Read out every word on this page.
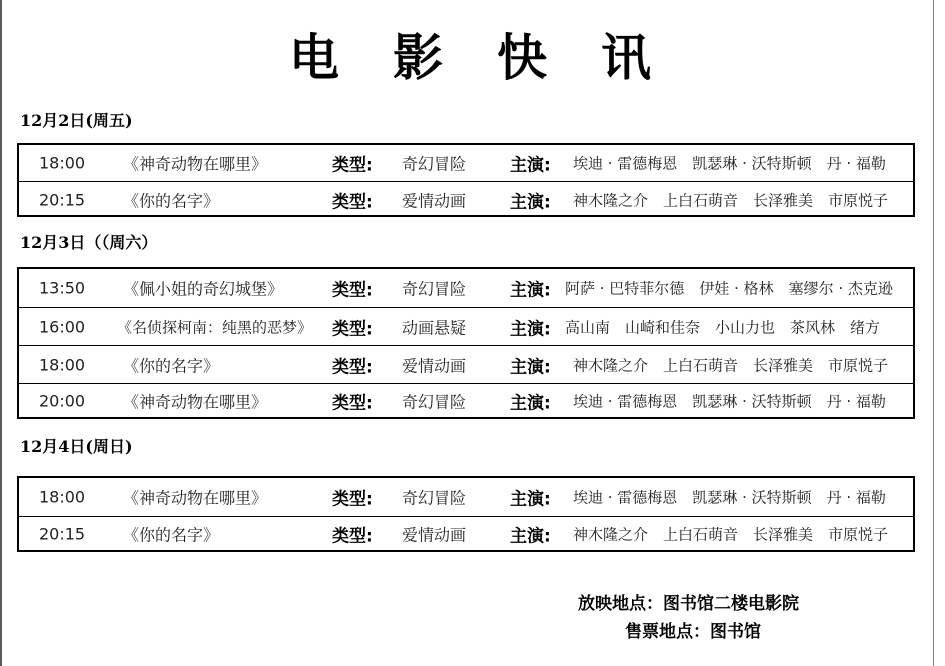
电 影 快 讯
12月2日(周五)
18:00 《神奇动物在哪里》	类型: 奇幻冒险	主演: 埃迪 · 雷德梅恩　凯瑟琳 · 沃特斯顿　丹 · 福勒
20:15 《你的名字》	类型: 爱情动画	主演: 神木隆之介　上白石萌音　长泽雅美　市原悦子
12月3日（（周六）
13:50 《佩小姐的奇幻城堡》	类型: 奇幻冒险	主演: 阿萨 · 巴特菲尔德　伊娃 · 格林　塞缪尔 · 杰克逊
16:00 《名侦探柯南：纯黑的恶梦》 类型: 动画悬疑	主演: 高山南　山崎和佳奈　小山力也　茶风林　绪方
18:00 《你的名字》	类型: 爱情动画	主演: 神木隆之介　上白石萌音　长泽雅美　市原悦子
20:00 《神奇动物在哪里》	类型: 奇幻冒险	主演: 埃迪 · 雷德梅恩　凯瑟琳 · 沃特斯顿　丹 · 福勒
12月4日(周日)
18:00 《神奇动物在哪里》	类型: 奇幻冒险	主演: 埃迪 · 雷德梅恩　凯瑟琳 · 沃特斯顿　丹 · 福勒
20:15 《你的名字》	类型: 爱情动画	主演: 神木隆之介　上白石萌音　长泽雅美　市原悦子
放映地点：图书馆二楼电影院
售票地点：图书馆
